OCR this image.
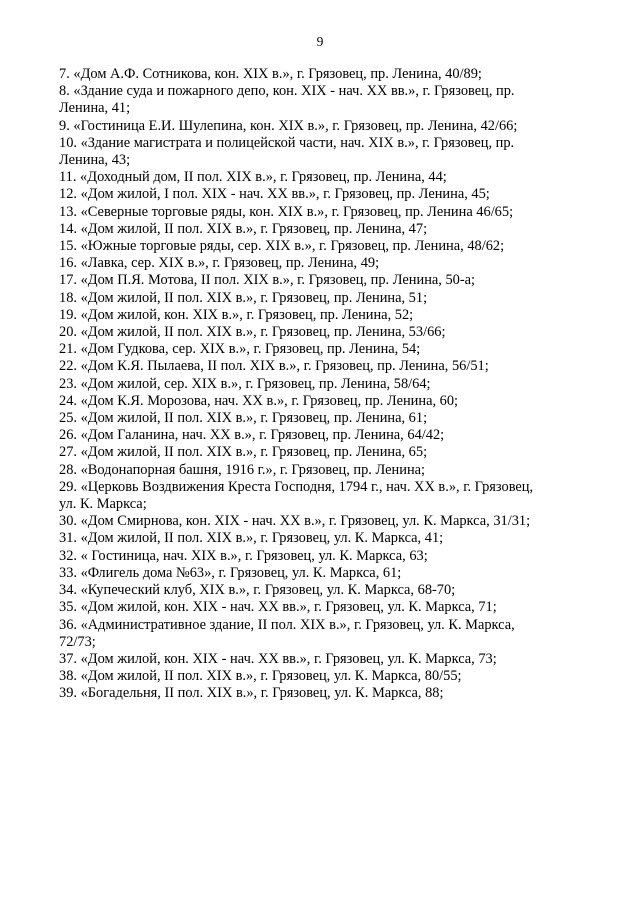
9

7. «Дом А.Ф. Сотникова, кон. XIX в.», г. Грязовец, пр. Ленина, 40/89;

8. «Здание суда и пожарного депо, кон. XIX - нач. XX вв.», г. Грязовец, пр.
Ленина, 41;

9. «Гостиница Е.И. Шулепина, кон. XIX в.», г. Грязовец, пр. Ленина, 42/66;

10. «Здание магистрата и полицейской части, нач. XIX в.», г. Грязовец, пр.
Ленина, 43;

11. «Доходный дом, II пол. XIX в.», г. Грязовец, пр. Ленина, 44;

12. «Дом жилой, I пол. XIX - нач. XX вв.», г. Грязовец, пр. Ленина, 45;

13. «Северные торговые ряды, кон. XIX в.», г. Грязовец, пр. Ленина 46/65;

14. «Дом жилой, II пол. XIX в.», г. Грязовец, пр. Ленина, 47;

15. «Южные торговые ряды, сер. XIX в.», г. Грязовец, пр. Ленина, 48/62;

16. «Лавка, сер. XIX в.», г. Грязовец, пр. Ленина, 49;

17. «Дом П.Я. Мотова, II пол. XIX в.», г. Грязовец, пр. Ленина, 50-а;

18. «Дом жилой, II пол. XIX в.», г. Грязовец, пр. Ленина, 51;

19. «Дом жилой, кон. XIX в.», г. Грязовец, пр. Ленина, 52;

20. «Дом жилой, II пол. XIX в.», г. Грязовец, пр. Ленина, 53/66;

21. «Дом Гудкова, сер. XIX в.», г. Грязовец, пр. Ленина, 54;

22. «Дом К.Я. Пылаева, II пол. XIX в.», г. Грязовец, пр. Ленина, 56/51;

23. «Дом жилой, сер. XIX в.», г. Грязовец, пр. Ленина, 58/64;

24. «Дом К.Я. Морозова, нач. XX в.», г. Грязовец, пр. Ленина, 60;

25. «Дом жилой, II пол. XIX в.», г. Грязовец, пр. Ленина, 61;

26. «Дом Галанина, нач. XX в.», г. Грязовец, пр. Ленина, 64/42;

27. «Дом жилой, II пол. XIX в.», г. Грязовец, пр. Ленина, 65;

28. «Водонапорная башня, 1916 г.», г. Грязовец, пр. Ленина;

29. «Церковь Воздвижения Креста Господня, 1794 г., нач. XX в.», г. Грязовец,
ул. К. Маркса;

30. «Дом Смирнова, кон. XIX - нач. XX в.», г. Грязовец, ул. К. Маркса, 31/31;

31. «Дом жилой, II пол. XIX в.», г. Грязовец, ул. К. Маркса, 41;

32. « Гостиница, нач. XIX в.», г. Грязовец, ул. К. Маркса, 63;

33. «Флигель дома №63», г. Грязовец, ул. К. Маркса, 61;

34. «Купеческий клуб, XIX в.», г. Грязовец, ул. К. Маркса, 68-70;

35. «Дом жилой, кон. XIX - нач. XX вв.», г. Грязовец, ул. К. Маркса, 71;

36. «Административное здание, II пол. XIX в.», г. Грязовец, ул. К. Маркса,
72/73;

37. «Дом жилой, кон. XIX - нач. XX вв.», г. Грязовец, ул. К. Маркса, 73;

38. «Дом жилой, II пол. XIX в.», г. Грязовец, ул. К. Маркса, 80/55;

39. «Богадельня, II пол. XIX в.», г. Грязовец, ул. К. Маркса, 88;
